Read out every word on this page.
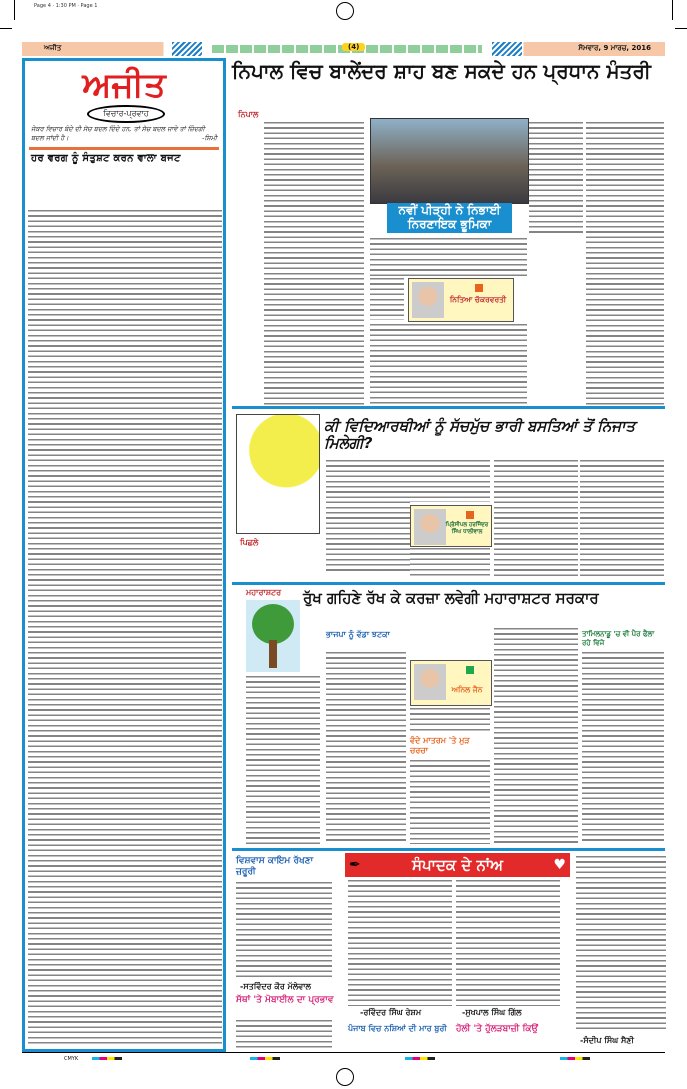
Page 4 · 1:30 PM · Page 1
ਅਜੀਤ	(4)	ਸੋਮਵਾਰ, 9 ਮਾਰਚ, 2016
ਅਜੀਤ
ਵਿਚਾਰ-ਪ੍ਰਵਾਹ
ਜੇਕਰ ਵਿਚਾਰ ਬੰਦੇ ਦੀ ਸੋਚ ਬਦਲ ਦਿੰਦੇ ਹਨ, ਤਾਂ ਸੋਚ ਬਦਲ ਜਾਵੇ ਤਾਂ ਜ਼ਿੰਦਗੀ ਬਦਲ ਜਾਂਦੀ ਹੈ।	-ਸਿਮੀ
ਹਰ ਵਰਗ ਨੂੰ ਸੰਤੁਸ਼ਟ ਕਰਨ ਵਾਲਾ ਬਜਟ
ਨਿਪਾਲ ਵਿਚ ਬਾਲੇਂਦਰ ਸ਼ਾਹ ਬਣ ਸਕਦੇ ਹਨ ਪ੍ਰਧਾਨ ਮੰਤਰੀ
ਨਿਪਾਲ
ਨਵੀਂ ਪੀੜ੍ਹੀ ਨੇ ਨਿਭਾਈ ਨਿਰਣਾਇਕ ਭੂਮਿਕਾ
ਨਿਤਿਆ ਚੱਕਰਵਰਤੀ
ਕੀ ਵਿਦਿਆਰਥੀਆਂ ਨੂੰ ਸੱਚਮੁੱਚ ਭਾਰੀ ਬਸਤਿਆਂ ਤੋਂ ਨਿਜਾਤ ਮਿਲੇਗੀ?
ਪਿਛਲੇ
ਪ੍ਰਿੰਸੀਪਲ ਹਰਜਿੰਦਰ ਸਿੰਘ ਧਾਲੀਵਾਲ
ਮਹਾਰਾਸ਼ਟਰ ਰੁੱਖ ਗਹਿਣੇ ਰੱਖ ਕੇ ਕਰਜ਼ਾ ਲਵੇਗੀ ਮਹਾਰਾਸ਼ਟਰ ਸਰਕਾਰ
ਭਾਜਪਾ ਨੂੰ ਵੱਡਾ ਝਟਕਾ
ਅਨਿਲ ਜੈਨ
ਵੰਦੇ ਮਾਤਰਮ 'ਤੇ ਮੁੜ ਚਰਚਾ
ਤਾਮਿਲਨਾਡੂ 'ਚ ਵੀ ਪੈਰ ਫੈਲਾ ਰਹੇ ਵਿਜੇ
ਵਿਸ਼ਵਾਸ ਕਾਇਮ ਰੱਖਣਾ ਜ਼ਰੂਰੀ	✒	ਸੰਪਾਦਕ ਦੇ ਨਾਂਅ	♥
-ਸਤਵਿੰਦਰ ਕੌਰ ਮੱਲੇਵਾਲ
ਸੱਥਾਂ 'ਤੇ ਮੋਬਾਈਲ ਦਾ ਪ੍ਰਭਾਵ
-ਰਵਿੰਦਰ ਸਿੰਘ ਰੇਸ਼ਮ
ਪੰਜਾਬ ਵਿਚ ਨਸ਼ਿਆਂ ਦੀ ਮਾਰ ਬੁਰੀ
-ਸੁਖਪਾਲ ਸਿੰਘ ਗਿੱਲ
ਹੋਲੀ 'ਤੇ ਹੁੱਲੜਬਾਜ਼ੀ ਕਿਉਂ
-ਸੰਦੀਪ ਸਿੰਘ ਸੈਣੀ
CMYK
